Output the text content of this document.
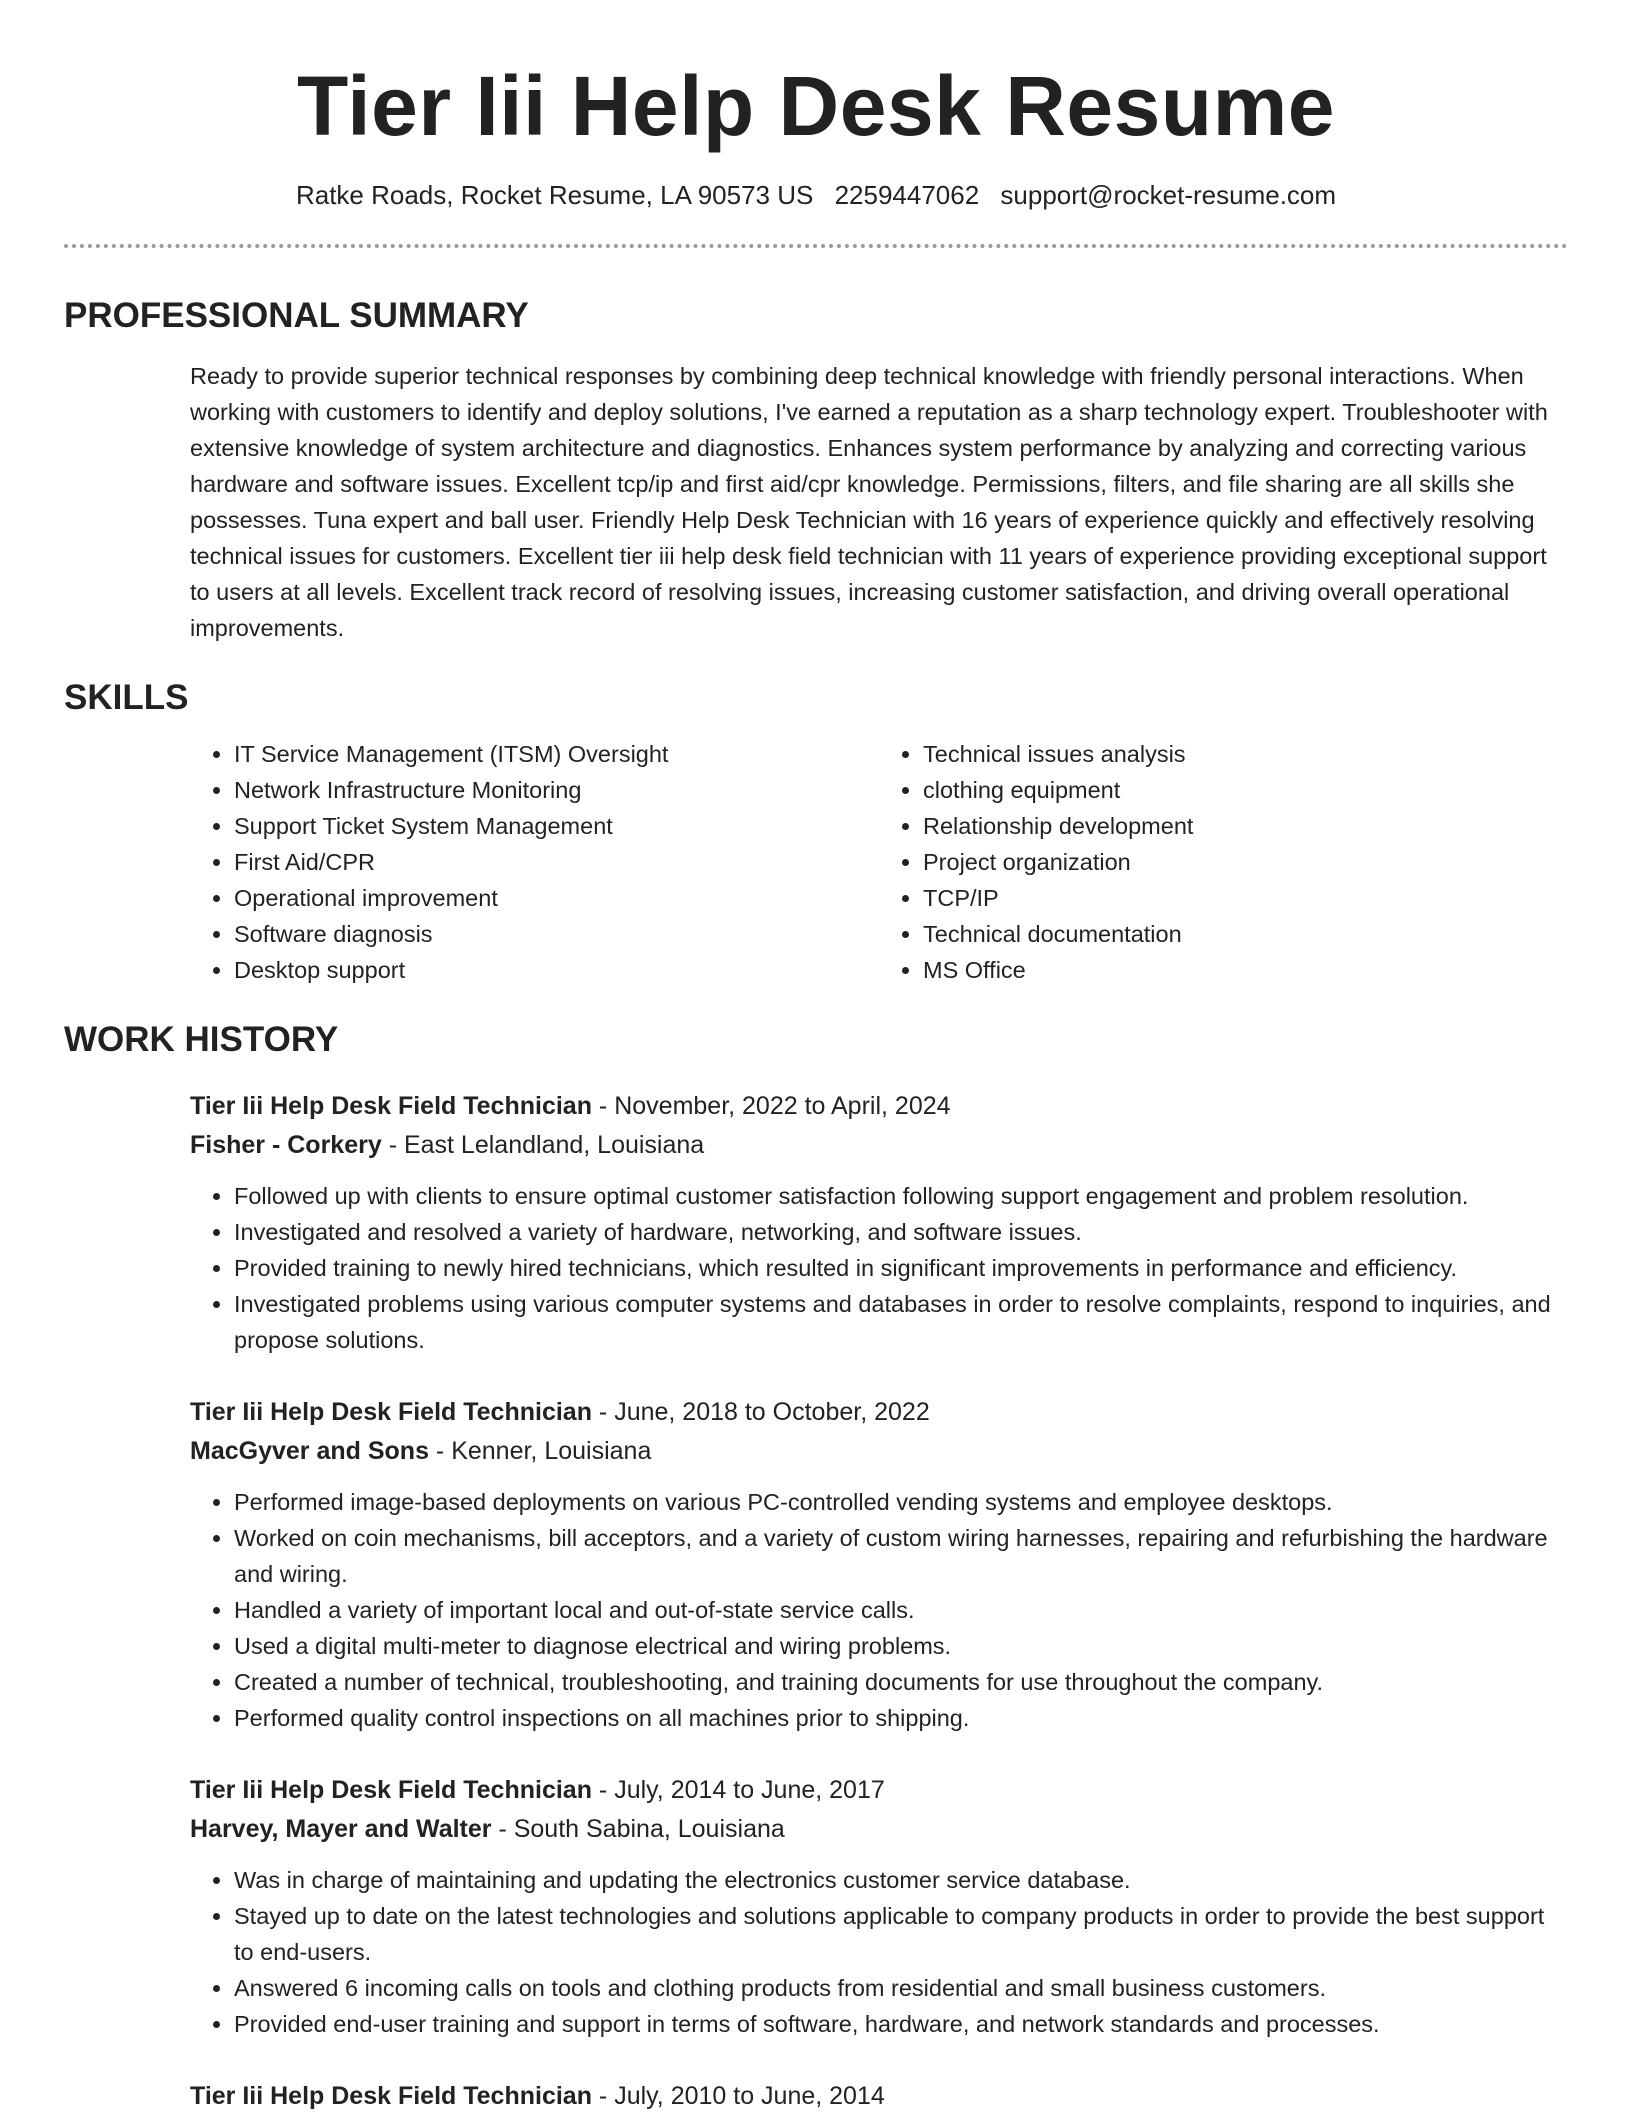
Tier Iii Help Desk Resume
Ratke Roads, Rocket Resume, LA 90573 US 2259447062 support@rocket-resume.com
PROFESSIONAL SUMMARY
Ready to provide superior technical responses by combining deep technical knowledge with friendly personal interactions. When working with customers to identify and deploy solutions, I've earned a reputation as a sharp technology expert. Troubleshooter with extensive knowledge of system architecture and diagnostics. Enhances system performance by analyzing and correcting various hardware and software issues. Excellent tcp/ip and first aid/cpr knowledge. Permissions, filters, and file sharing are all skills she possesses. Tuna expert and ball user. Friendly Help Desk Technician with 16 years of experience quickly and effectively resolving technical issues for customers. Excellent tier iii help desk field technician with 11 years of experience providing exceptional support to users at all levels. Excellent track record of resolving issues, increasing customer satisfaction, and driving overall operational improvements.
SKILLS
• IT Service Management (ITSM) Oversight
• Network Infrastructure Monitoring
• Support Ticket System Management
• First Aid/CPR
• Operational improvement
• Software diagnosis
• Desktop support
• Technical issues analysis
• clothing equipment
• Relationship development
• Project organization
• TCP/IP
• Technical documentation
• MS Office
WORK HISTORY
Tier Iii Help Desk Field Technician - November, 2022 to April, 2024
Fisher - Corkery - East Lelandland, Louisiana
• Followed up with clients to ensure optimal customer satisfaction following support engagement and problem resolution.
• Investigated and resolved a variety of hardware, networking, and software issues.
• Provided training to newly hired technicians, which resulted in significant improvements in performance and efficiency.
• Investigated problems using various computer systems and databases in order to resolve complaints, respond to inquiries, and propose solutions.
Tier Iii Help Desk Field Technician - June, 2018 to October, 2022
MacGyver and Sons - Kenner, Louisiana
• Performed image-based deployments on various PC-controlled vending systems and employee desktops.
• Worked on coin mechanisms, bill acceptors, and a variety of custom wiring harnesses, repairing and refurbishing the hardware and wiring.
• Handled a variety of important local and out-of-state service calls.
• Used a digital multi-meter to diagnose electrical and wiring problems.
• Created a number of technical, troubleshooting, and training documents for use throughout the company.
• Performed quality control inspections on all machines prior to shipping.
Tier Iii Help Desk Field Technician - July, 2014 to June, 2017
Harvey, Mayer and Walter - South Sabina, Louisiana
• Was in charge of maintaining and updating the electronics customer service database.
• Stayed up to date on the latest technologies and solutions applicable to company products in order to provide the best support to end-users.
• Answered 6 incoming calls on tools and clothing products from residential and small business customers.
• Provided end-user training and support in terms of software, hardware, and network standards and processes.
Tier Iii Help Desk Field Technician - July, 2010 to June, 2014
